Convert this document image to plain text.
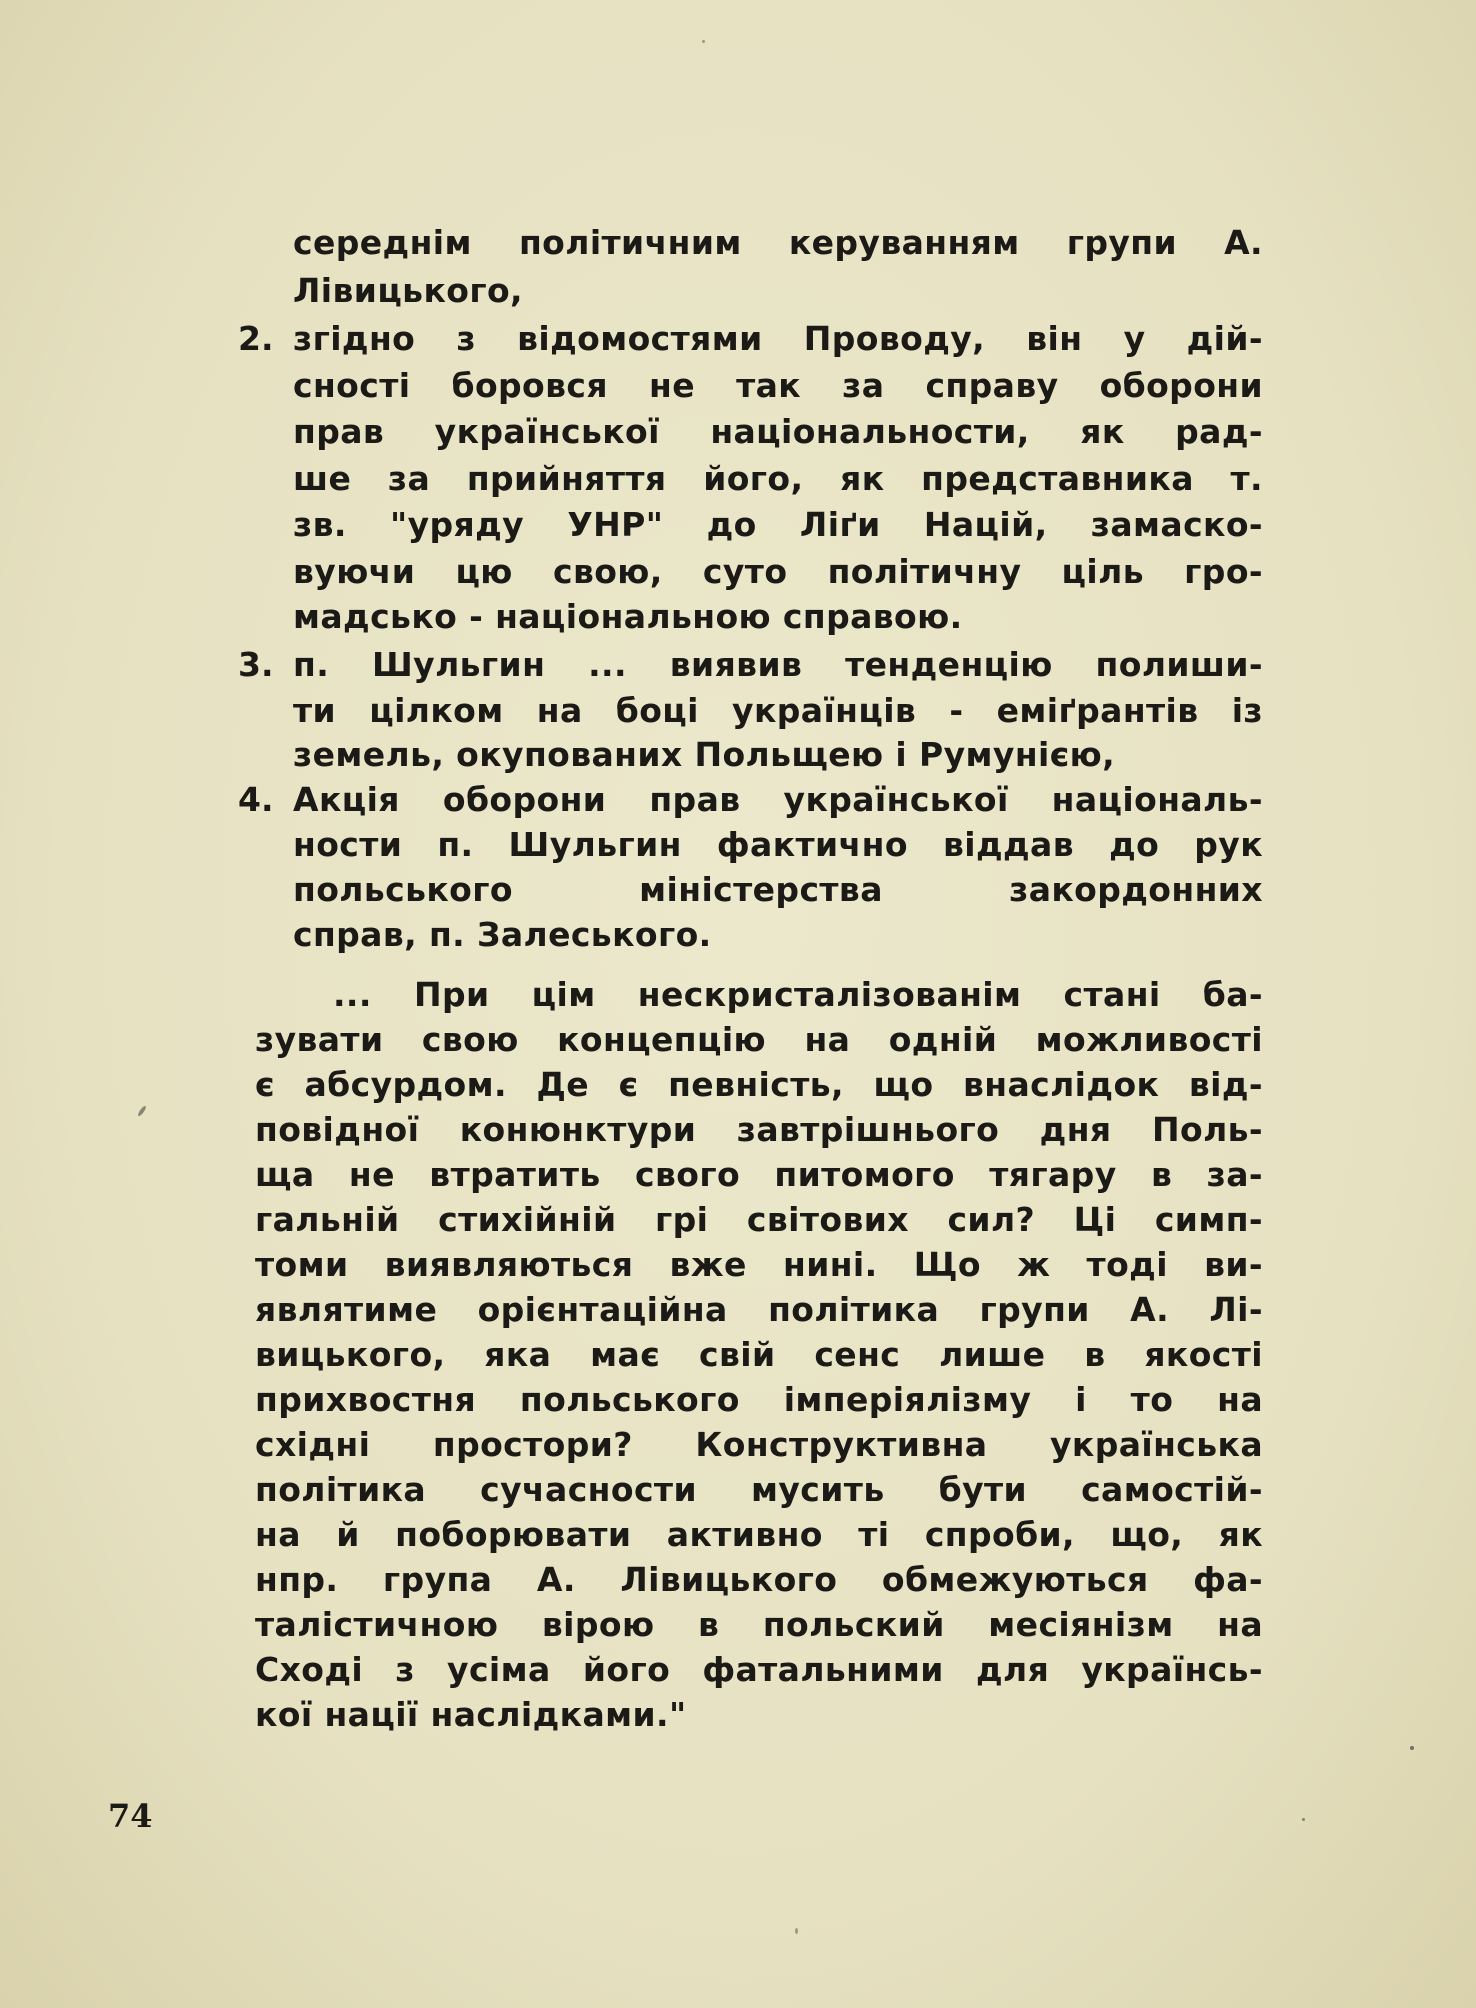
середнім політичним керуванням групи А.
Лівицького,
2. згідно з відомостями Проводу, він у дій-
сності боровся не так за справу оборони
прав української національности, як рад-
ше за прийняття його, як представника т.
зв. "уряду УНР" до Ліґи Націй, замаско-
вуючи цю свою, суто політичну ціль гро-
мадсько - національною справою.
3. п. Шульгин ... виявив тенденцію полиши-
ти цілком на боці українців - еміґрантів із
земель, окупованих Польщею і Румунією,
4. Акція оборони прав української національ-
ности п. Шульгин фактично віддав до рук
польського міністерства закордонних
справ, п. Залеського.
... При цім нескристалізованім стані ба-
зувати свою концепцію на одній можливості
є абсурдом. Де є певність, що внаслідок від-
повідної конюнктури завтрішнього дня Поль-
ща не втратить свого питомого тягару в за-
гальній стихійній грі світових сил? Ці симп-
томи виявляються вже нині. Що ж тоді ви-
являтиме орієнтаційна політика групи А. Лі-
вицького, яка має свій сенс лише в якості
прихвостня польського імперіялізму і то на
східні простори? Конструктивна українська
політика сучасности мусить бути самостій-
на й поборювати активно ті спроби, що, як
нпр. група А. Лівицького обмежуються фа-
талістичною вірою в польский месіянізм на
Сході з усіма його фатальними для українсь-
кої нації наслідками."
74
